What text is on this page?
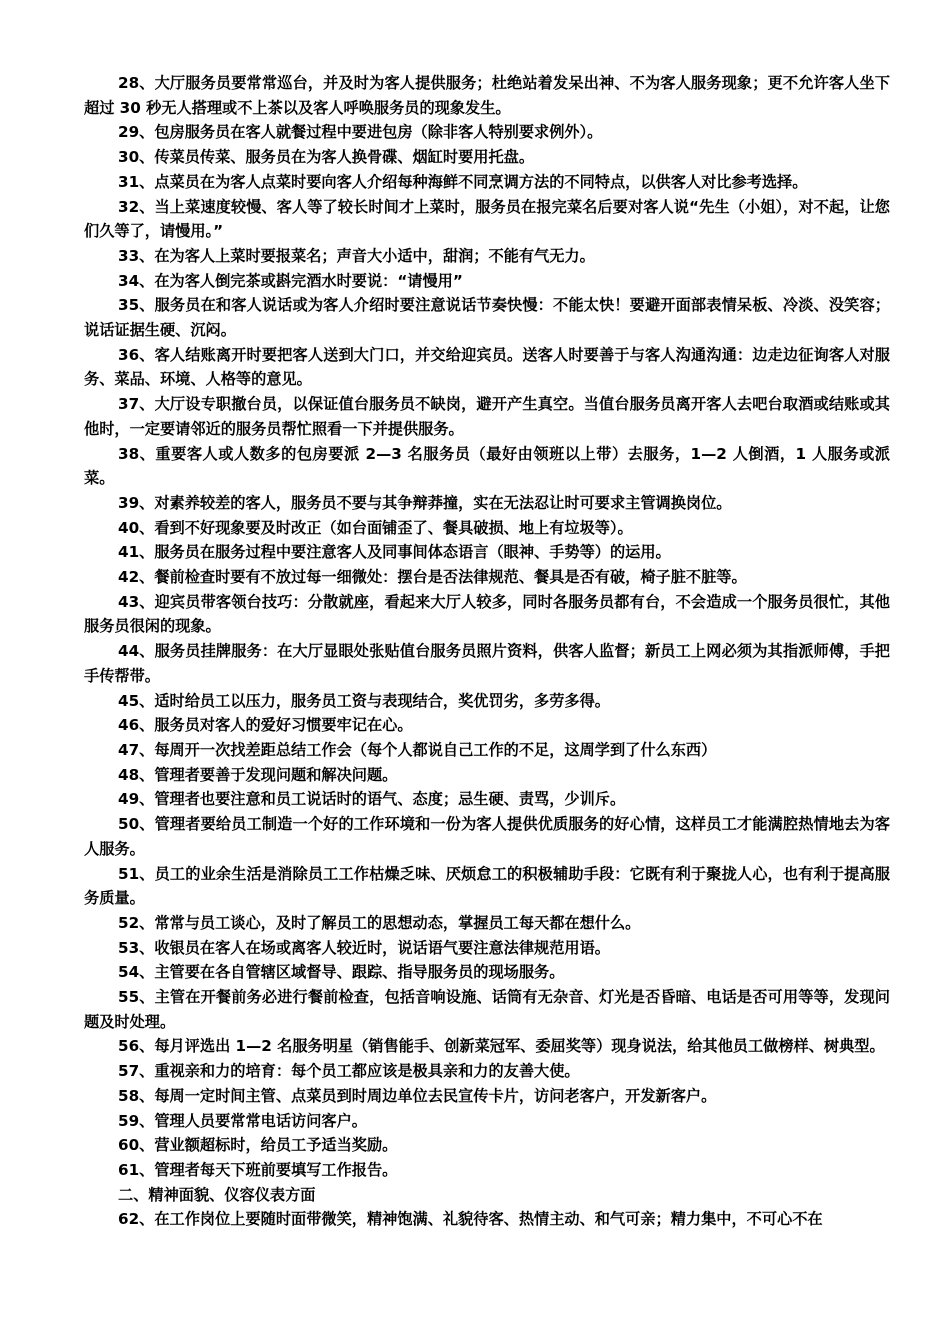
28、大厅服务员要常常巡台，并及时为客人提供服务；杜绝站着发呆出神、不为客人服务现象；更不允许客人坐下超过 30 秒无人搭理或不上茶以及客人呼唤服务员的现象发生。

29、包房服务员在客人就餐过程中要进包房（除非客人特别要求例外）。

30、传菜员传菜、服务员在为客人换骨碟、烟缸时要用托盘。

31、点菜员在为客人点菜时要向客人介绍每种海鲜不同烹调方法的不同特点，以供客人对比参考选择。

32、当上菜速度较慢、客人等了较长时间才上菜时，服务员在报完菜名后要对客人说“先生（小姐），对不起，让您们久等了，请慢用。”

33、在为客人上菜时要报菜名；声音大小适中，甜润；不能有气无力。

34、在为客人倒完茶或斟完酒水时要说：“请慢用”

35、服务员在和客人说话或为客人介绍时要注意说话节奏快慢：不能太快！要避开面部表情呆板、冷淡、没笑容；说话证据生硬、沉闷。

36、客人结账离开时要把客人送到大门口，并交给迎宾员。送客人时要善于与客人沟通沟通：边走边征询客人对服务、菜品、环境、人格等的意见。

37、大厅设专职撤台员，以保证值台服务员不缺岗，避开产生真空。当值台服务员离开客人去吧台取酒或结账或其他时，一定要请邻近的服务员帮忙照看一下并提供服务。

38、重要客人或人数多的包房要派 2—3 名服务员（最好由领班以上带）去服务，1—2 人倒酒，1 人服务或派菜。

39、对素养较差的客人，服务员不要与其争辩莽撞，实在无法忍让时可要求主管调换岗位。

40、看到不好现象要及时改正（如台面铺歪了、餐具破损、地上有垃圾等）。

41、服务员在服务过程中要注意客人及同事间体态语言（眼神、手势等）的运用。

42、餐前检查时要有不放过每一细微处：摆台是否法律规范、餐具是否有破，椅子脏不脏等。

43、迎宾员带客领台技巧：分散就座，看起来大厅人较多，同时各服务员都有台，不会造成一个服务员很忙，其他服务员很闲的现象。

44、服务员挂牌服务：在大厅显眼处张贴值台服务员照片资料，供客人监督；新员工上网必须为其指派师傅，手把手传帮带。

45、适时给员工以压力，服务员工资与表现结合，奖优罚劣，多劳多得。

46、服务员对客人的爱好习惯要牢记在心。

47、每周开一次找差距总结工作会（每个人都说自己工作的不足，这周学到了什么东西）

48、管理者要善于发现问题和解决问题。

49、管理者也要注意和员工说话时的语气、态度；忌生硬、责骂，少训斥。

50、管理者要给员工制造一个好的工作环境和一份为客人提供优质服务的好心情，这样员工才能满腔热情地去为客人服务。

51、员工的业余生活是消除员工工作枯燥乏味、厌烦怠工的积极辅助手段：它既有利于聚拢人心，也有利于提高服务质量。

52、常常与员工谈心，及时了解员工的思想动态，掌握员工每天都在想什么。

53、收银员在客人在场或离客人较近时，说话语气要注意法律规范用语。

54、主管要在各自管辖区域督导、跟踪、指导服务员的现场服务。

55、主管在开餐前务必进行餐前检查，包括音响设施、话筒有无杂音、灯光是否昏暗、电话是否可用等等，发现问题及时处理。

56、每月评选出 1—2 名服务明星（销售能手、创新菜冠军、委屈奖等）现身说法，给其他员工做榜样、树典型。

57、重视亲和力的培育：每个员工都应该是极具亲和力的友善大使。

58、每周一定时间主管、点菜员到时周边单位去民宣传卡片，访问老客户，开发新客户。

59、管理人员要常常电话访问客户。

60、营业额超标时，给员工予适当奖励。

61、管理者每天下班前要填写工作报告。

二、精神面貌、仪容仪表方面

62、在工作岗位上要随时面带微笑，精神饱满、礼貌待客、热情主动、和气可亲；精力集中，不可心不在
